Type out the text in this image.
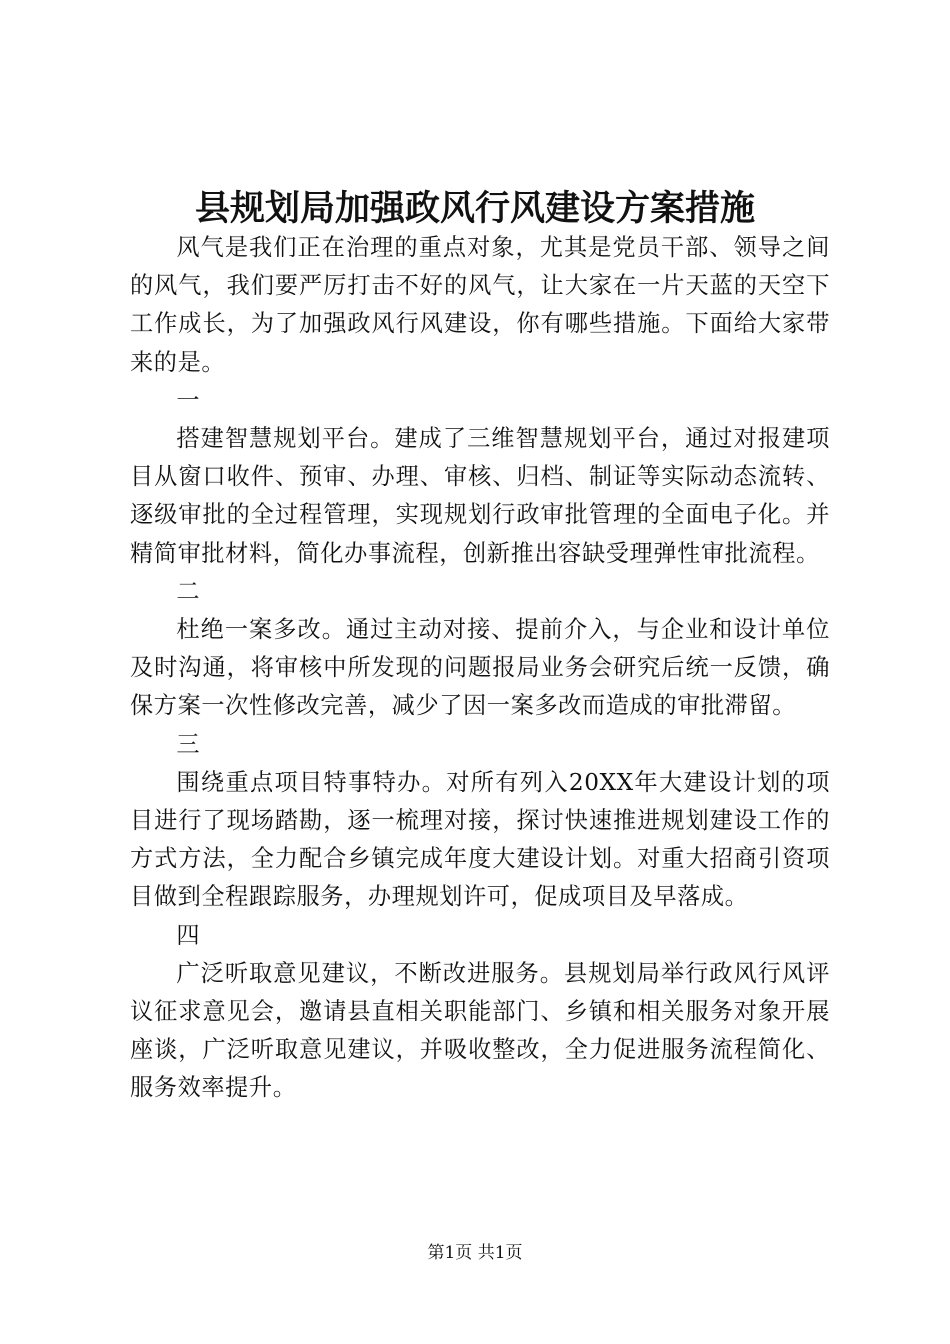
县规划局加强政风行风建设方案措施

风气是我们正在治理的重点对象，尤其是党员干部、领导之间的风气，我们要严厉打击不好的风气，让大家在一片天蓝的天空下工作成长，为了加强政风行风建设，你有哪些措施。下面给大家带来的是。

一

搭建智慧规划平台。建成了三维智慧规划平台，通过对报建项目从窗口收件、预审、办理、审核、归档、制证等实际动态流转、逐级审批的全过程管理，实现规划行政审批管理的全面电子化。并精简审批材料，简化办事流程，创新推出容缺受理弹性审批流程。

二

杜绝一案多改。通过主动对接、提前介入，与企业和设计单位及时沟通，将审核中所发现的问题报局业务会研究后统一反馈，确保方案一次性修改完善，减少了因一案多改而造成的审批滞留。

三

围绕重点项目特事特办。对所有列入20XX年大建设计划的项目进行了现场踏勘，逐一梳理对接，探讨快速推进规划建设工作的方式方法，全力配合乡镇完成年度大建设计划。对重大招商引资项目做到全程跟踪服务，办理规划许可，促成项目及早落成。

四

广泛听取意见建议，不断改进服务。县规划局举行政风行风评议征求意见会，邀请县直相关职能部门、乡镇和相关服务对象开展座谈，广泛听取意见建议，并吸收整改，全力促进服务流程简化、服务效率提升。

第1页 共1页
